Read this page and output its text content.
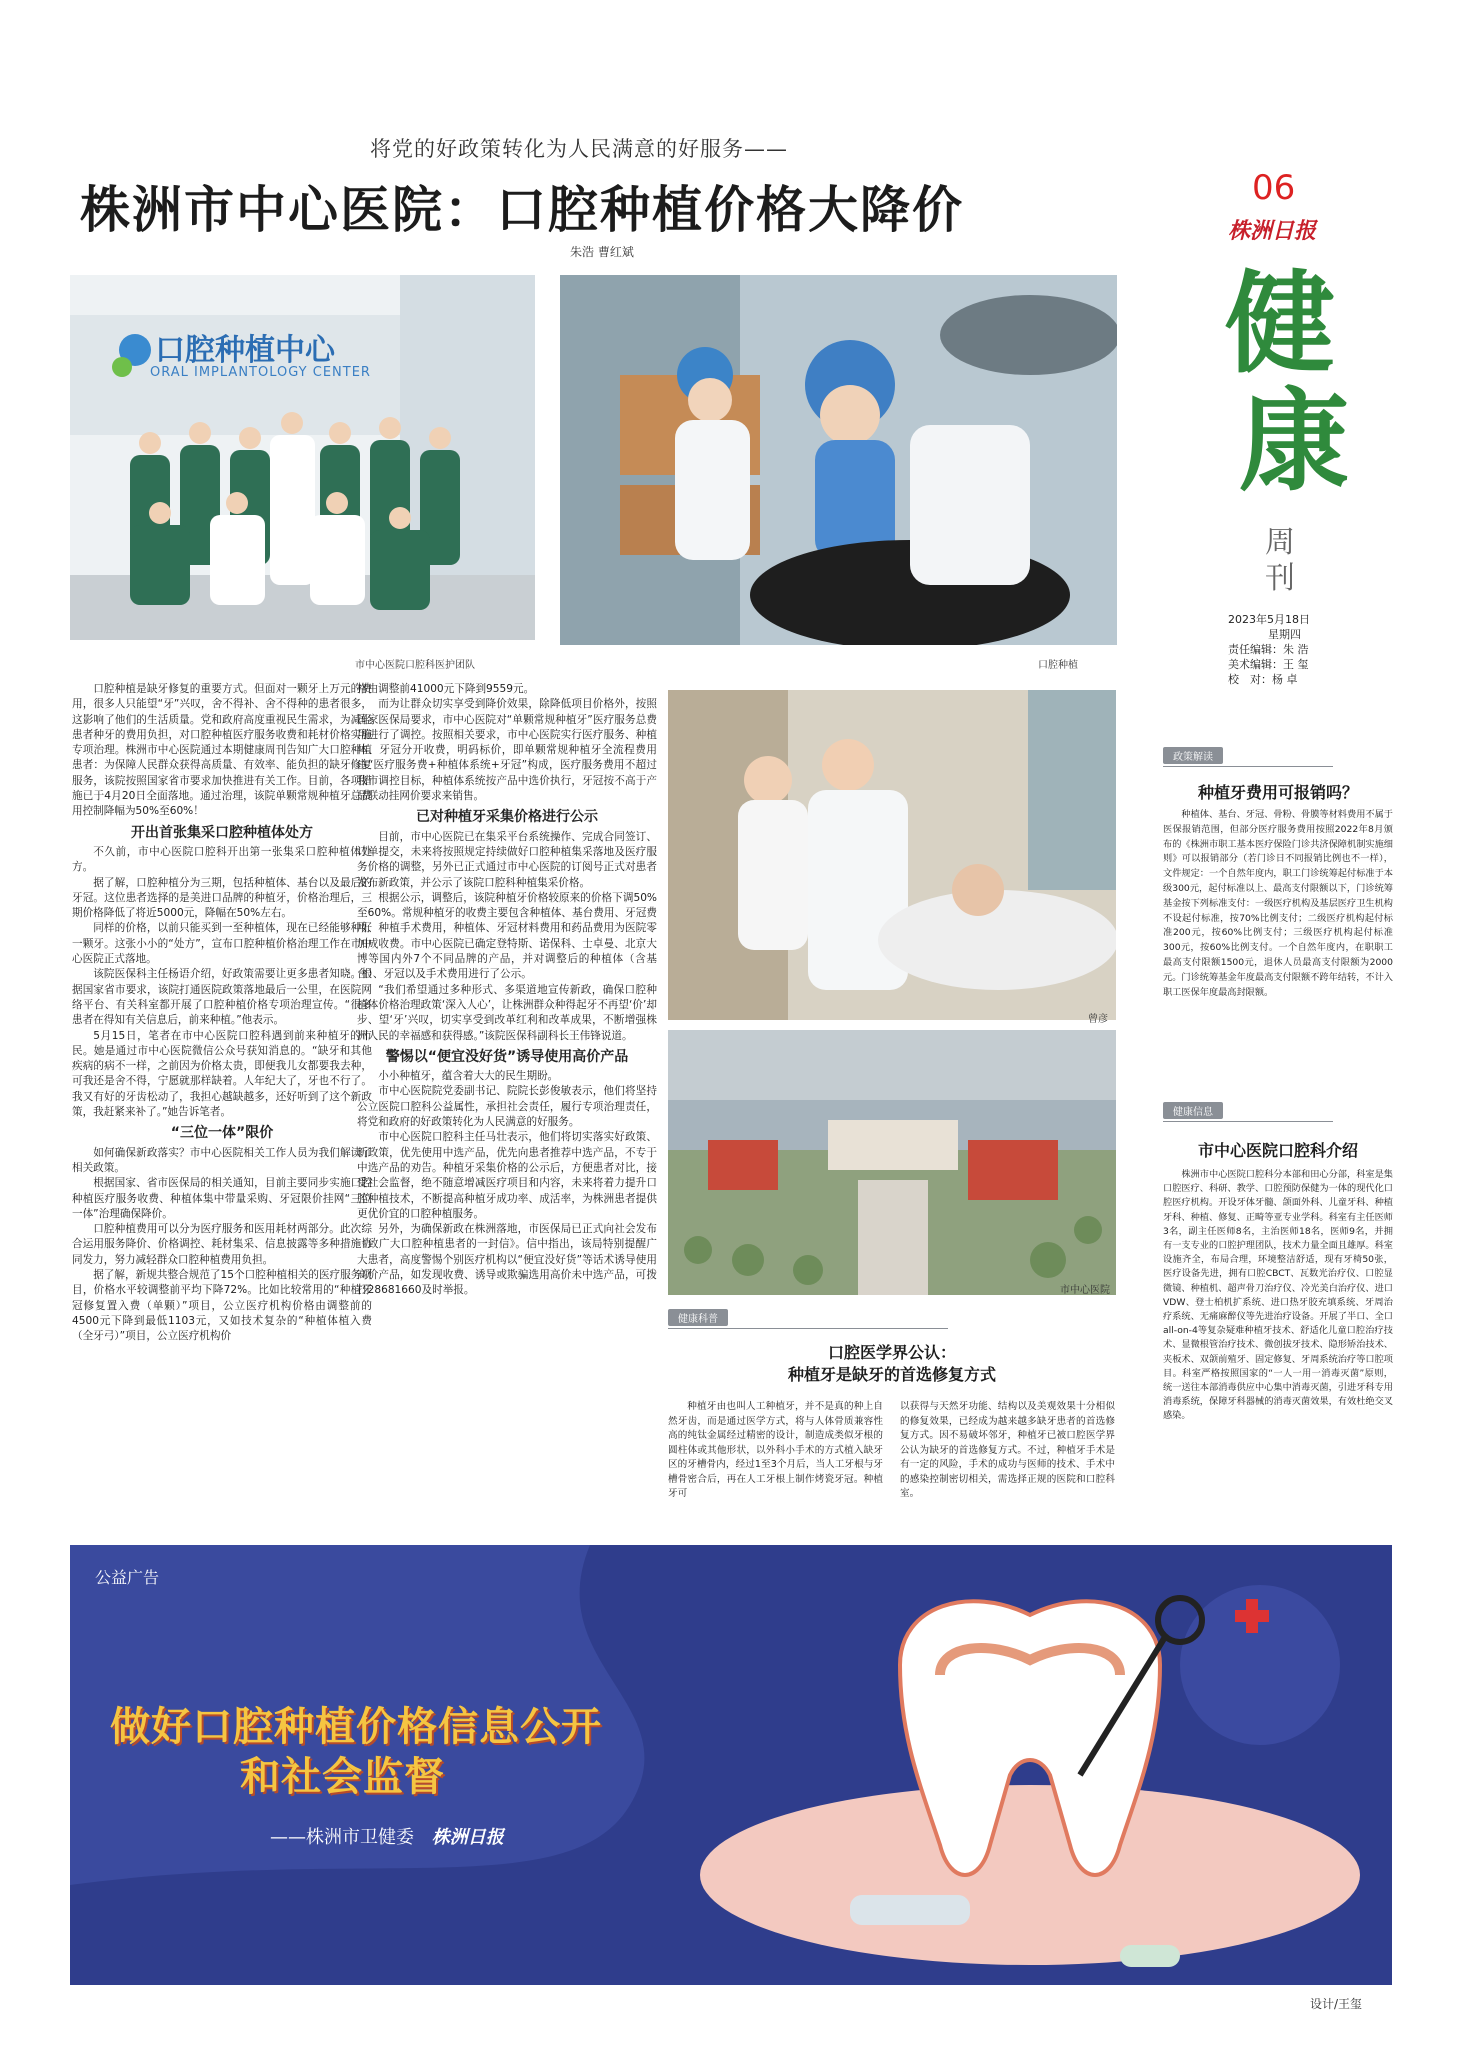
将党的好政策转化为人民满意的好服务——
株洲市中心医院：口腔种植价格大降价
朱浩 曹红斌
06
株洲日报
健
康
周
刊
2023年5月18日
星期四
责任编辑：朱 浩
美术编辑：王 玺
校　对：杨 卓
口腔种植中心
ORAL IMPLANTOLOGY CENTER
市中心医院口腔科医护团队	口腔种植

口腔种植是缺牙修复的重要方式。但面对一颗牙上万元的费用，很多人只能望“牙”兴叹，舍不得补、舍不得种的患者很多，这影响了他们的生活质量。党和政府高度重视民生需求，为减轻患者种牙的费用负担，对口腔种植医疗服务收费和耗材价格实施专项治理。株洲市中心医院通过本期健康周刊告知广大口腔种植患者：为保障人民群众获得高质量、有效率、能负担的缺牙修复服务，该院按照国家省市要求加快推进有关工作。目前，各项措施已于4月20日全面落地。通过治理，该院单颗常规种植牙总费用控制降幅为50%至60%！

开出首张集采口腔种植体处方

不久前，市中心医院口腔科开出第一张集采口腔种植体处方。

据了解，口腔种植分为三期，包括种植体、基台以及最后的牙冠。这位患者选择的是美进口品牌的种植牙，价格治理后，三期价格降低了将近5000元，降幅在50%左右。

同样的价格，以前只能买到一至种植体，现在已经能够种好一颗牙。这张小小的“处方”，宣布口腔种植价格治理工作在市中心医院正式落地。

该院医保科主任杨语介绍，好政策需要让更多患者知晓。根据国家省市要求，该院打通医院政策落地最后一公里，在医院网络平台、有关科室都开展了口腔种植价格专项治理宣传。“很多患者在得知有关信息后，前来种植。”他表示。

5月15日，笔者在市中心医院口腔科遇到前来种植牙的市民。她是通过市中心医院微信公众号获知消息的。“缺牙和其他疾病的病不一样，之前因为价格太贵，即便我儿女都要我去种，可我还是舍不得，宁愿就那样缺着。人年纪大了，牙也不行了。我又有好的牙齿松动了，我担心越缺越多，还好听到了这个新政策，我赶紧来补了。”她告诉笔者。

“三位一体”限价

如何确保新政落实？市中心医院相关工作人员为我们解读了相关政策。

根据国家、省市医保局的相关通知，目前主要同步实施口腔种植医疗服务收费、种植体集中带量采购、牙冠限价挂网“三位一体”治理确保降价。

口腔种植费用可以分为医疗服务和医用耗材两部分。此次综合运用服务降价、价格调控、耗材集采、信息披露等多种措施协同发力，努力减轻群众口腔种植费用负担。

据了解，新规共整合规范了15个口腔种植相关的医疗服务项目，价格水平较调整前平均下降72%。比如比较常用的“种植牙冠修复置入费（单颗）”项目，公立医疗机构价格由调整前的4500元下降到最低1103元，又如技术复杂的“种植体植入费（全牙弓）”项目，公立医疗机构价

格由调整前41000元下降到9559元。

而为让群众切实享受到降价效果，除降低项目价格外，按照国家医保局要求，市中心医院对“单颗常规种植牙”医疗服务总费用进行了调控。按照相关要求，市中心医院实行医疗服务、种植体、牙冠分开收费，明码标价，即单颗常规种植牙全流程费用由“医疗服务费+种植体系统+牙冠”构成，医疗服务费用不超过我市调控目标，种植体系统按产品中选价执行，牙冠按不高于产品联动挂网价要求来销售。

已对种植牙采集价格进行公示

目前，市中心医院已在集采平台系统操作、完成合同签订、订单提交，未来将按照规定持续做好口腔种植集采落地及医疗服务价格的调整，另外已正式通过市中心医院的订阅号正式对患者发布新政策，并公示了该院口腔科种植集采价格。

根据公示，调整后，该院种植牙价格较原来的价格下调50%至60%。常规种植牙的收费主要包含种植体、基台费用、牙冠费用、种植手术费用，种植体、牙冠材料费用和药品费用为医院零加成收费。市中心医院已确定登特斯、诺保科、士卓曼、北京大博等国内外7个不同品牌的产品，并对调整后的种植体（含基台）、牙冠以及手术费用进行了公示。

“我们希望通过多种形式、多渠道地宣传新政，确保口腔种植体价格治理政策‘深入人心’，让株洲群众种得起牙不再望‘价’却步、望‘牙’兴叹，切实享受到改革红利和改革成果，不断增强株洲人民的幸福感和获得感。”该院医保科副科长王伟锋说道。

警惕以“便宜没好货”诱导使用高价产品

小小种植牙，蕴含着大大的民生期盼。

市中心医院院党委副书记、院院长彭俊敏表示，他们将坚持公立医院口腔科公益属性，承担社会责任，履行专项治理责任，将党和政府的好政策转化为人民满意的好服务。

市中心医院口腔科主任马壮表示，他们将切实落实好政策、新政策，优先使用中选产品，优先向患者推荐中选产品，不专于中选产品的劝告。种植牙采集价格的公示后，方便患者对比，接受社会监督，绝不随意增减医疗项目和内容，未来将着力提升口腔种植技术，不断提高种植牙成功率、成活率，为株洲患者提供更优价宜的口腔种植服务。

另外，为确保新政在株洲落地，市医保局已正式向社会发布《致广大口腔种植患者的一封信》。信中指出，该局特别提醒广大患者，高度警惕个别医疗机构以“便宜没好货”等话术诱导使用高价产品，如发现收费、诱导或欺骗选用高价未中选产品，可拨打28681660及时举报。

曾彦
市中心医院
健康科普
口腔医学界公认：
种植牙是缺牙的首选修复方式

种植牙由也叫人工种植牙，并不是真的种上自然牙齿，而是通过医学方式，将与人体骨质兼容性高的纯钛金属经过精密的设计，制造成类似牙根的圆柱体或其他形状，以外科小手术的方式植入缺牙区的牙槽骨内，经过1至3个月后，当人工牙根与牙槽骨密合后，再在人工牙根上制作烤瓷牙冠。种植牙可

以获得与天然牙功能、结构以及美观效果十分相似的修复效果，已经成为越来越多缺牙患者的首选修复方式。因不易破坏邻牙，种植牙已被口腔医学界公认为缺牙的首选修复方式。不过，种植牙手术是有一定的风险，手术的成功与医师的技术、手术中的感染控制密切相关，需选择正规的医院和口腔科室。

政策解读
种植牙费用可报销吗？

种植体、基台、牙冠、骨粉、骨膜等材料费用不属于医保报销范围，但部分医疗服务费用按照2022年8月颁布的《株洲市职工基本医疗保险门诊共济保障机制实施细则》可以报销部分（若门诊日不同报销比例也不一样），文件规定：一个自然年度内，职工门诊统筹起付标准于本级300元，起付标准以上、最高支付限额以下，门诊统筹基金按下列标准支付：一级医疗机构及基层医疗卫生机构不设起付标准，按70%比例支付；二级医疗机构起付标准200元，按60%比例支付；三级医疗机构起付标准300元，按60%比例支付。一个自然年度内，在职职工最高支付限额1500元，退休人员最高支付限额为2000元。门诊统筹基金年度最高支付限额不跨年结转，不计入职工医保年度最高封限额。

健康信息
市中心医院口腔科介绍

株洲市中心医院口腔科分本部和田心分部，科室是集口腔医疗、科研、教学、口腔预防保健为一体的现代化口腔医疗机构。开设牙体牙髓、颌面外科、儿童牙科、种植牙科、种植、修复、正畸等亚专业学科。科室有主任医师3名，副主任医师8名，主治医师18名，医师9名，并拥有一支专业的口腔护理团队，技术力量全面且雄厚。科室设施齐全，布局合理，环境整洁舒适，现有牙椅50张，医疗设备先进，拥有口腔CBCT、瓦数光治疗仪、口腔显微镜、种植机、超声骨刀治疗仪、冷光美白治疗仪、进口VDW、登士柏机扩系统、进口热牙胶充填系统、牙周治疗系统、无痛麻醉仪等先进治疗设备。开展了半口、全口all-on-4等复杂疑难种植牙技术、舒适化儿童口腔治疗技术、显微根管治疗技术、微创拔牙技术、隐形矫治技术、夹板术、双颌前殖牙、固定修复、牙周系统治疗等口腔项目。科室严格按照国家的“一人一用一消毒灭菌”原则，统一送往本部消毒供应中心集中消毒灭菌，引进牙科专用消毒系统，保障牙科器械的消毒灭菌效果，有效杜绝交叉感染。

公益广告
做好口腔种植价格信息公开
和社会监督
——株洲市卫健委 株洲日报
设计/王玺
